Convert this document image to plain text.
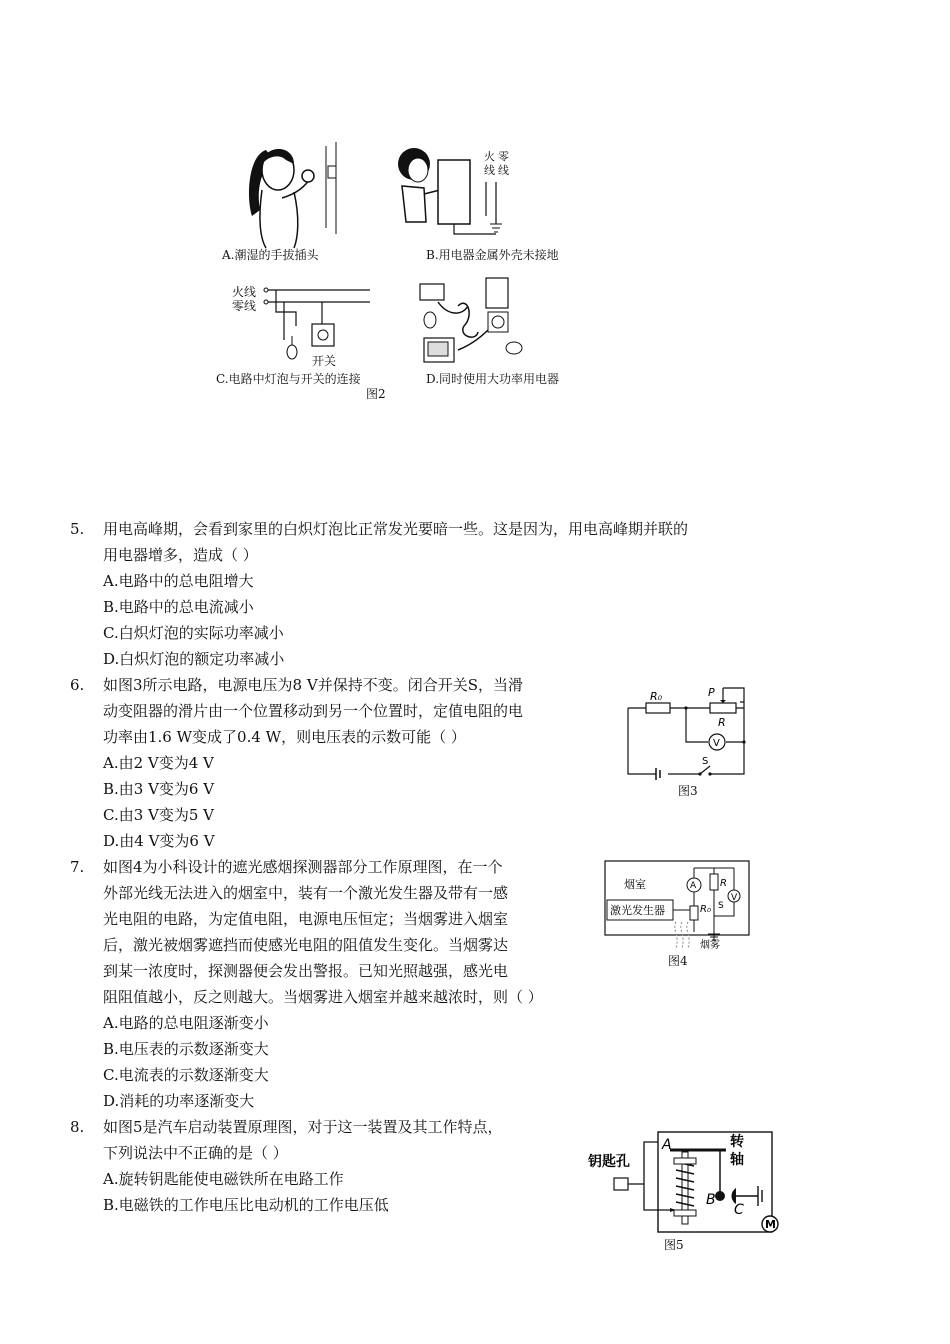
火
线
零
线
A.潮湿的手拔插头	B.用电器金属外壳未接地
火线
零线
开关
C.电路中灯泡与开关的连接	D.同时使用大功率用电器
图2
5. 用电高峰期，会看到家里的白炽灯泡比正常发光要暗一些。这是因为，用电高峰期并联的
用电器增多，造成（ ）
A.电路中的总电阻增大
B.电路中的总电流减小
C.白炽灯泡的实际功率减小
D.白炽灯泡的额定功率减小
6. 如图3所示电路，电源电压为8 V并保持不变。闭合开关S，当滑
动变阻器的滑片由一个位置移动到另一个位置时，定值电阻的电
功率由1.6 W变成了0.4 W，则电压表的示数可能（ ）
A.由2 V变为4 V
B.由3 V变为6 V
C.由3 V变为5 V
D.由4 V变为6 V
R₀	P
R
V
S
图3
7. 如图4为小科设计的遮光感烟探测器部分工作原理图，在一个
外部光线无法进入的烟室中，装有一个激光发生器及带有一感
光电阻的电路，为定值电阻，电源电压恒定；当烟雾进入烟室
后，激光被烟雾遮挡而使感光电阻的阻值发生变化。当烟雾达
到某一浓度时，探测器便会发出警报。已知光照越强，感光电
阻阻值越小，反之则越大。当烟雾进入烟室并越来越浓时，则（ ）
A.电路的总电阻逐渐变小
B.电压表的示数逐渐变大
C.电流表的示数逐渐变大
D.消耗的功率逐渐变大
烟室
激光发生器
烟雾
A R
R₀ S
V
图4
8. 如图5是汽车启动装置原理图，对于这一装置及其工作特点，
下列说法中不正确的是（ ）
A.旋转钥匙能使电磁铁所在电路工作
B.电磁铁的工作电压比电动机的工作电压低
钥匙孔
A	转
轴
B
C
M
图5
